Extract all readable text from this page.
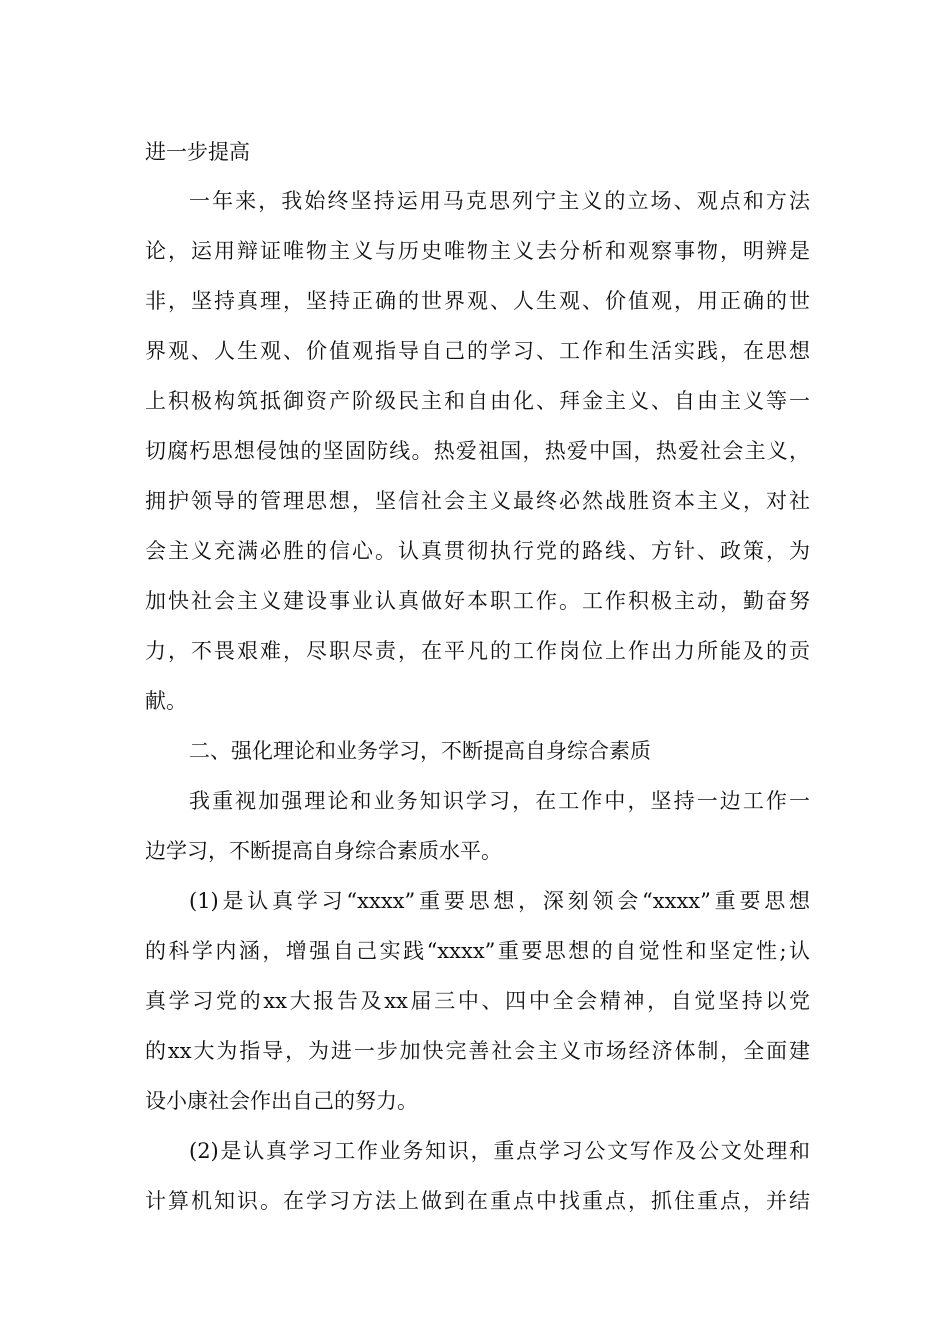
进一步提高
一年来，我始终坚持运用马克思列宁主义的立场、观点和方法
论，运用辩证唯物主义与历史唯物主义去分析和观察事物，明辨是
非，坚持真理，坚持正确的世界观、人生观、价值观，用正确的世
界观、人生观、价值观指导自己的学习、工作和生活实践，在思想
上积极构筑抵御资产阶级民主和自由化、拜金主义、自由主义等一
切腐朽思想侵蚀的坚固防线。热爱祖国，热爱中国，热爱社会主义，
拥护领导的管理思想，坚信社会主义最终必然战胜资本主义，对社
会主义充满必胜的信心。认真贯彻执行党的路线、方针、政策，为
加快社会主义建设事业认真做好本职工作。工作积极主动，勤奋努
力，不畏艰难，尽职尽责，在平凡的工作岗位上作出力所能及的贡
献。
二、强化理论和业务学习，不断提高自身综合素质
我重视加强理论和业务知识学习，在工作中，坚持一边工作一
边学习，不断提高自身综合素质水平。
(1)是认真学习“xxxx”重要思想，深刻领会“xxxx”重要思想
的科学内涵，增强自己实践“xxxx”重要思想的自觉性和坚定性;认
真学习党的xx大报告及xx届三中、四中全会精神，自觉坚持以党
的xx大为指导，为进一步加快完善社会主义市场经济体制，全面建
设小康社会作出自己的努力。
(2)是认真学习工作业务知识，重点学习公文写作及公文处理和
计算机知识。在学习方法上做到在重点中找重点，抓住重点，并结
